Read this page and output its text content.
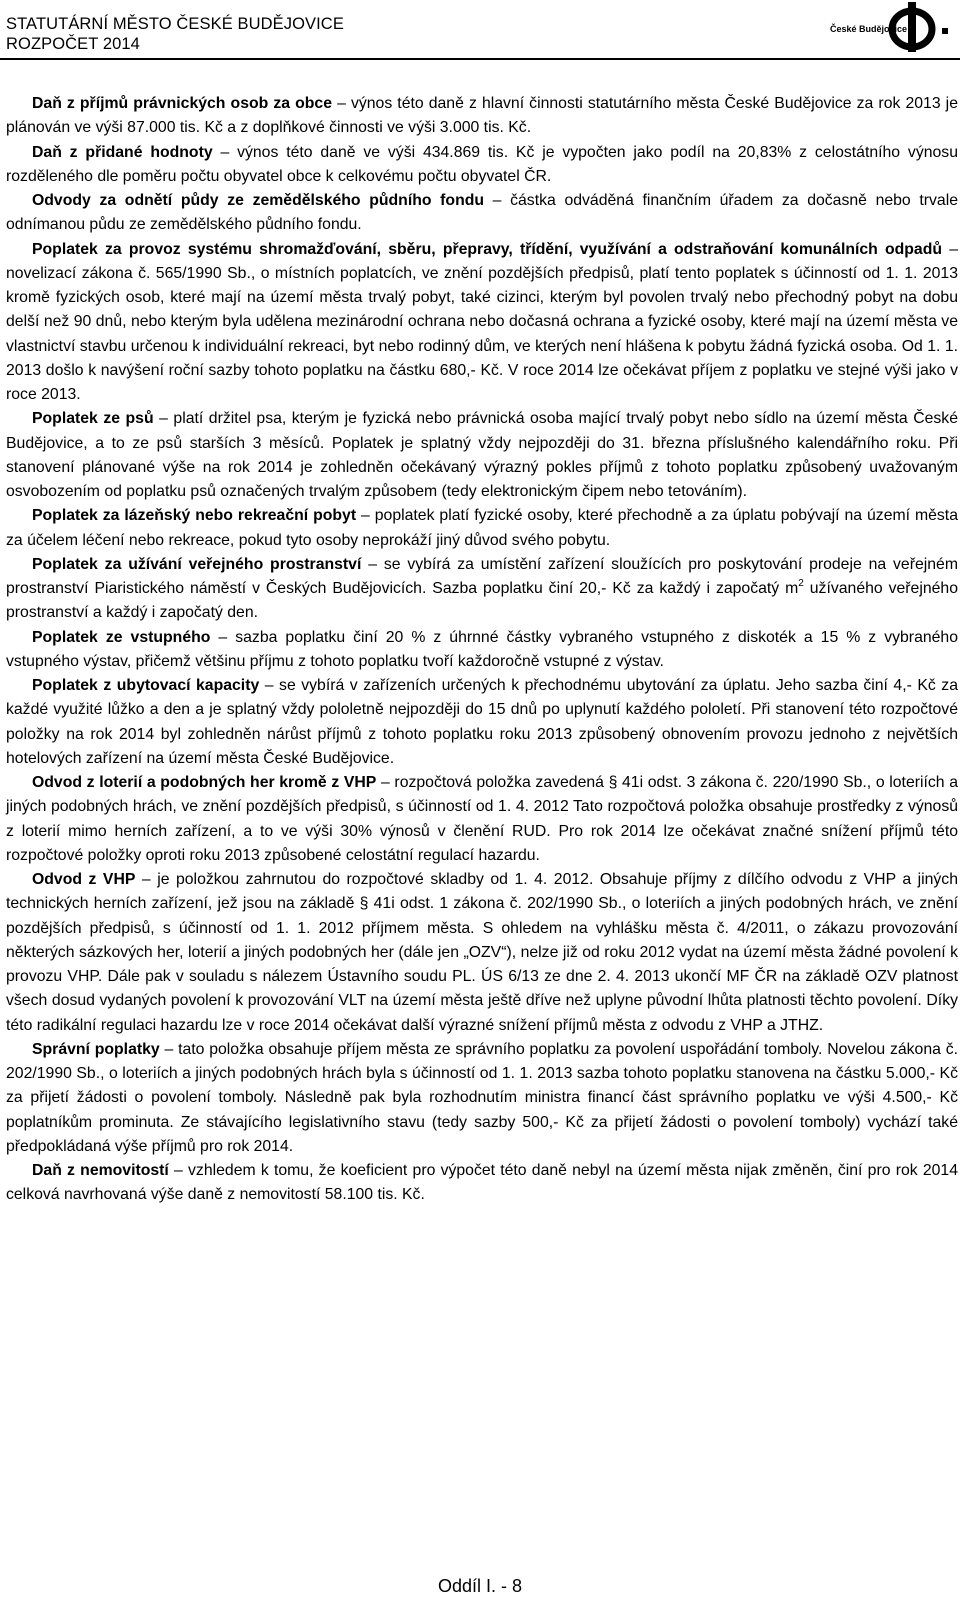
STATUTÁRNÍ MĚSTO ČESKÉ BUDĚJOVICE
ROZPOČET 2014
České Budějovice

Daň z příjmů právnických osob za obce – výnos této daně z hlavní činnosti statutárního města České Budějovice za rok 2013 je plánován ve výši 87.000 tis. Kč a z doplňkové činnosti ve výši 3.000 tis. Kč.

Daň z přidané hodnoty – výnos této daně ve výši 434.869 tis. Kč je vypočten jako podíl na 20,83% z celostátního výnosu rozděleného dle poměru počtu obyvatel obce k celkovému počtu obyvatel ČR.

Odvody za odnětí půdy ze zemědělského půdního fondu – částka odváděná finančním úřadem za dočasně nebo trvale odnímanou půdu ze zemědělského půdního fondu.

Poplatek za provoz systému shromažďování, sběru, přepravy, třídění, využívání a odstraňování komunálních odpadů – novelizací zákona č. 565/1990 Sb., o místních poplatcích, ve znění pozdějších předpisů, platí tento poplatek s účinností od 1. 1. 2013 kromě fyzických osob, které mají na území města trvalý pobyt, také cizinci, kterým byl povolen trvalý nebo přechodný pobyt na dobu delší než 90 dnů, nebo kterým byla udělena mezinárodní ochrana nebo dočasná ochrana a fyzické osoby, které mají na území města ve vlastnictví stavbu určenou k individuální rekreaci, byt nebo rodinný dům, ve kterých není hlášena k pobytu žádná fyzická osoba. Od 1. 1. 2013 došlo k navýšení roční sazby tohoto poplatku na částku 680,- Kč. V roce 2014 lze očekávat příjem z poplatku ve stejné výši jako v roce 2013.

Poplatek ze psů – platí držitel psa, kterým je fyzická nebo právnická osoba mající trvalý pobyt nebo sídlo na území města České Budějovice, a to ze psů starších 3 měsíců. Poplatek je splatný vždy nejpozději do 31. března příslušného kalendářního roku. Při stanovení plánované výše na rok 2014 je zohledněn očekávaný výrazný pokles příjmů z tohoto poplatku způsobený uvažovaným osvobozením od poplatku psů označených trvalým způsobem (tedy elektronickým čipem nebo tetováním).

Poplatek za lázeňský nebo rekreační pobyt – poplatek platí fyzické osoby, které přechodně a za úplatu pobývají na území města za účelem léčení nebo rekreace, pokud tyto osoby neprokáží jiný důvod svého pobytu.

Poplatek za užívání veřejného prostranství – se vybírá za umístění zařízení sloužících pro poskytování prodeje na veřejném prostranství Piaristického náměstí v Českých Budějovicích. Sazba poplatku činí 20,- Kč za každý i započatý $m^2$ užívaného veřejného prostranství a každý i započatý den.

Poplatek ze vstupného – sazba poplatku činí 20 % z úhrnné částky vybraného vstupného z diskoték a 15 % z vybraného vstupného výstav, přičemž většinu příjmu z tohoto poplatku tvoří každoročně vstupné z výstav.

Poplatek z ubytovací kapacity – se vybírá v zařízeních určených k přechodnému ubytování za úplatu. Jeho sazba činí 4,- Kč za každé využité lůžko a den a je splatný vždy pololetně nejpozději do 15 dnů po uplynutí každého pololetí. Při stanovení této rozpočtové položky na rok 2014 byl zohledněn nárůst příjmů z tohoto poplatku roku 2013 způsobený obnovením provozu jednoho z největších hotelových zařízení na území města České Budějovice.

Odvod z loterií a podobných her kromě z VHP – rozpočtová položka zavedená § 41i odst. 3 zákona č. 220/1990 Sb., o loteriích a jiných podobných hrách, ve znění pozdějších předpisů, s účinností od 1. 4. 2012 Tato rozpočtová položka obsahuje prostředky z výnosů z loterií mimo herních zařízení, a to ve výši 30% výnosů v členění RUD. Pro rok 2014 lze očekávat značné snížení příjmů této rozpočtové položky oproti roku 2013 způsobené celostátní regulací hazardu.

Odvod z VHP – je položkou zahrnutou do rozpočtové skladby od 1. 4. 2012. Obsahuje příjmy z dílčího odvodu z VHP a jiných technických herních zařízení, jež jsou na základě § 41i odst. 1 zákona č. 202/1990 Sb., o loteriích a jiných podobných hrách, ve znění pozdějších předpisů, s účinností od 1. 1. 2012 příjmem města. S ohledem na vyhlášku města č. 4/2011, o zákazu provozování některých sázkových her, loterií a jiných podobných her (dále jen „OZV“), nelze již od roku 2012 vydat na území města žádné povolení k provozu VHP. Dále pak v souladu s nálezem Ústavního soudu PL. ÚS 6/13 ze dne 2. 4. 2013 ukončí MF ČR na základě OZV platnost všech dosud vydaných povolení k provozování VLT na území města ještě dříve než uplyne původní lhůta platnosti těchto povolení. Díky této radikální regulaci hazardu lze v roce 2014 očekávat další výrazné snížení příjmů města z odvodu z VHP a JTHZ.

Správní poplatky – tato položka obsahuje příjem města ze správního poplatku za povolení uspořádání tomboly. Novelou zákona č. 202/1990 Sb., o loteriích a jiných podobných hrách byla s účinností od 1. 1. 2013 sazba tohoto poplatku stanovena na částku 5.000,- Kč za přijetí žádosti o povolení tomboly. Následně pak byla rozhodnutím ministra financí část správního poplatku ve výši 4.500,- Kč poplatníkům prominuta. Ze stávajícího legislativního stavu (tedy sazby 500,- Kč za přijetí žádosti o povolení tomboly) vychází také předpokládaná výše příjmů pro rok 2014.

Daň z nemovitostí – vzhledem k tomu, že koeficient pro výpočet této daně nebyl na území města nijak změněn, činí pro rok 2014 celková navrhovaná výše daně z nemovitostí 58.100 tis. Kč.

Oddíl I. - 8
